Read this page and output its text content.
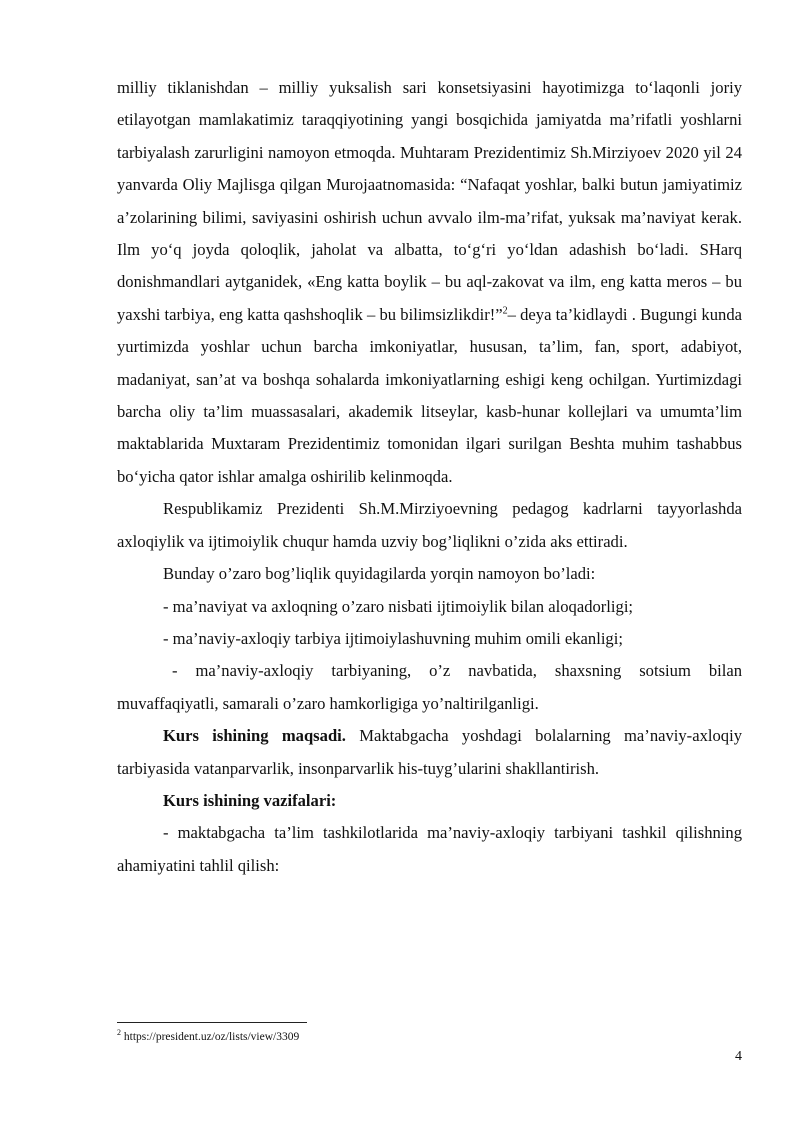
milliy tiklanishdan – milliy yuksalish sari konsetsiyasini hayotimizga to‘laqonli joriy etilayotgan mamlakatimiz taraqqiyotining yangi bosqichida jamiyatda ma’rifatli yoshlarni tarbiyalash zarurligini namoyon etmoqda. Muhtaram Prezidentimiz Sh.Mirziyoev 2020 yil 24 yanvarda Oliy Majlisga qilgan Murojaatnomasida: “Nafaqat yoshlar, balki butun jamiyatimiz a’zolarining bilimi, saviyasini oshirish uchun avvalo ilm-ma’rifat, yuksak ma’naviyat kerak. Ilm yo‘q joyda qoloqlik, jaholat va albatta, to‘g‘ri yo‘ldan adashish bo‘ladi. SHarq donishmandlari aytganidek, «Eng katta boylik – bu aql-zakovat va ilm, eng katta meros – bu yaxshi tarbiya, eng katta qashshoqlik – bu bilimsizlikdir!”$^2$– deya ta’kidlaydi . Bugungi kunda yurtimizda yoshlar uchun barcha imkoniyatlar, hususan, ta’lim, fan, sport, adabiyot, madaniyat, san’at va boshqa sohalarda imkoniyatlarning eshigi keng ochilgan. Yurtimizdagi barcha oliy ta’lim muassasalari, akademik litseylar, kasb-hunar kollejlari va umumta’lim maktablarida Muxtaram Prezidentimiz tomonidan ilgari surilgan Beshta muhim tashabbus bo‘yicha qator ishlar amalga oshirilib kelinmoqda.

Respublikamiz Prezidenti Sh.M.Mirziyoevning pedagog kadrlarni tayyorlashda axloqiylik va ijtimoiylik chuqur hamda uzviy bog’liqlikni o’zida aks ettiradi.

Bunday o’zaro bog’liqlik quyidagilarda yorqin namoyon bo’ladi:

- ma’naviyat va axloqning o’zaro nisbati ijtimoiylik bilan aloqadorligi;

- ma’naviy-axloqiy tarbiya ijtimoiylashuvning muhim omili ekanligi;

- ma’naviy-axloqiy tarbiyaning, o’z navbatida, shaxsning sotsium bilan muvaffaqiyatli, samarali o’zaro hamkorligiga yo’naltirilganligi.

Kurs ishining maqsadi. Maktabgacha yoshdagi bolalarning ma’naviy-axloqiy tarbiyasida vatanparvarlik, insonparvarlik his-tuyg’ularini shakllantirish.

Kurs ishining vazifalari:

- maktabgacha ta’lim tashkilotlarida ma’naviy-axloqiy tarbiyani tashkil qilishning ahamiyatini tahlil qilish:

$^2$ https://president.uz/oz/lists/view/3309
4
